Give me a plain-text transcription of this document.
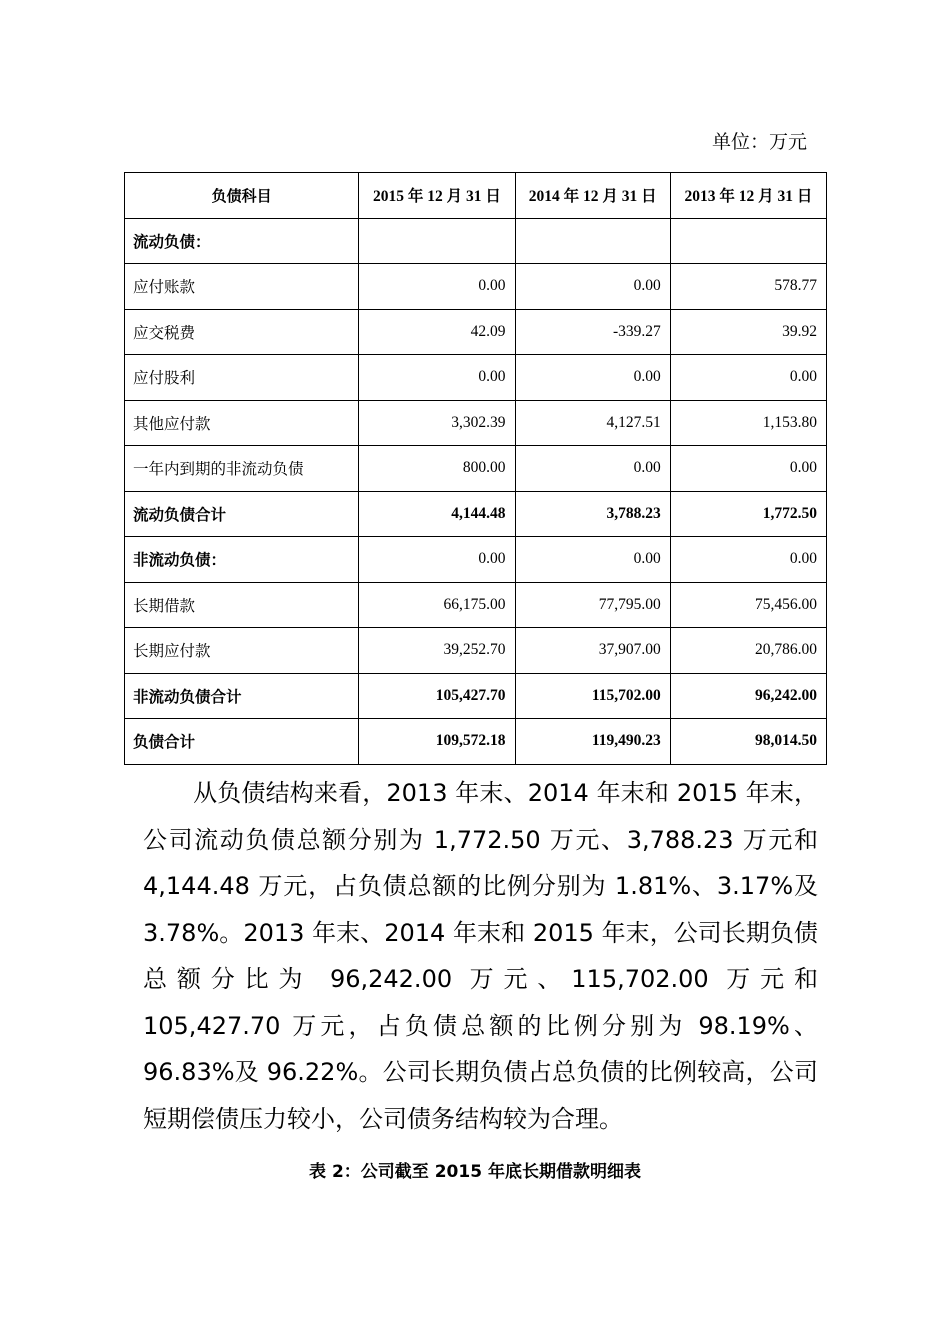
单位：万元
负债科目	2015 年 12 月 31 日	2014 年 12 月 31 日	2013 年 12 月 31 日
流动负债：			
应付账款	0.00	0.00	578.77
应交税费	42.09	-339.27	39.92
应付股利	0.00	0.00	0.00
其他应付款	3,302.39	4,127.51	1,153.80
一年内到期的非流动负债	800.00	0.00	0.00
流动负债合计	4,144.48	3,788.23	1,772.50
非流动负债：	0.00	0.00	0.00
长期借款	66,175.00	77,795.00	75,456.00
长期应付款	39,252.70	37,907.00	20,786.00
非流动负债合计	105,427.70	115,702.00	96,242.00
负债合计	109,572.18	119,490.23	98,014.50
从负债结构来看，2013 年末、2014 年末和 2015 年末，公司流动负债总额分别为 1,772.50 万元、3,788.23 万元和4,144.48 万元，占负债总额的比例分别为 1.81%、3.17%及3.78%。2013 年末、2014 年末和 2015 年末，公司长期负债总额分比为 96,242.00 万元、115,702.00 万元和 105,427.70 万元，占负债总额的比例分别为 98.19%、96.83%及 96.22%。公司长期负债占总负债的比例较高，公司短期偿债压力较小，公司债务结构较为合理。
表 2：公司截至 2015 年底长期借款明细表
